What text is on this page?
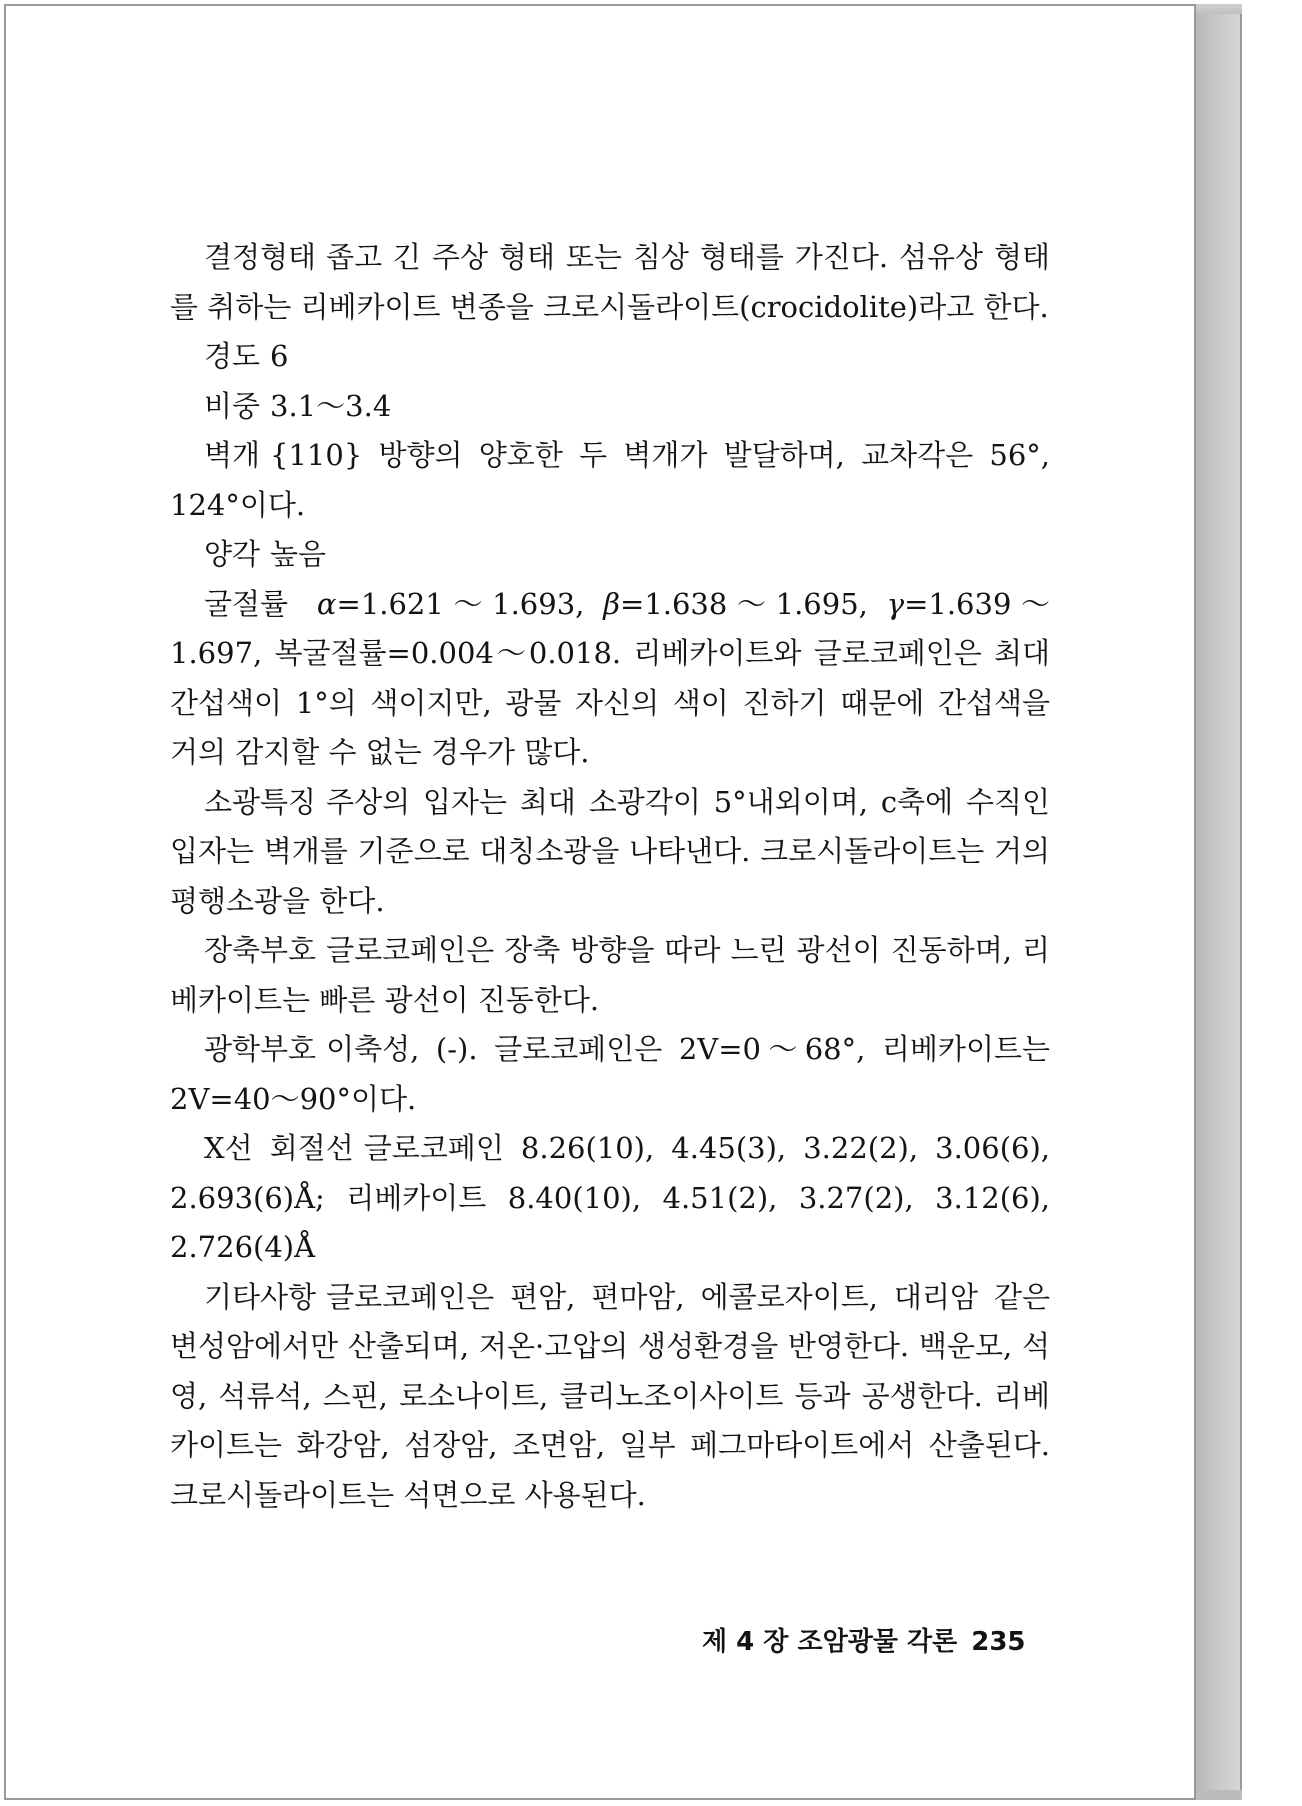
결정형태 좁고 긴 주상 형태 또는 침상 형태를 가진다. 섬유상 형태를 취하는 리베카이트 변종을 크로시돌라이트(crocidolite)라고 한다.

경도 6

비중 3.1～3.4

벽개 {110} 방향의 양호한 두 벽개가 발달하며, 교차각은 56°, 124°이다.

양각 높음

굴절률 α=1.621～1.693, β=1.638～1.695, γ=1.639～1.697, 복굴절률=0.004～0.018. 리베카이트와 글로코페인은 최대 간섭색이 1°의 색이지만, 광물 자신의 색이 진하기 때문에 간섭색을 거의 감지할 수 없는 경우가 많다.

소광특징 주상의 입자는 최대 소광각이 5°내외이며, c축에 수직인 입자는 벽개를 기준으로 대칭소광을 나타낸다. 크로시돌라이트는 거의 평행소광을 한다.

장축부호 글로코페인은 장축 방향을 따라 느린 광선이 진동하며, 리베카이트는 빠른 광선이 진동한다.

광학부호 이축성, (-). 글로코페인은 2V=0～68°, 리베카이트는 2V=40～90°이다.

X선 회절선 글로코페인 8.26(10), 4.45(3), 3.22(2), 3.06(6), 2.693(6)Å; 리베카이트 8.40(10), 4.51(2), 3.27(2), 3.12(6), 2.726(4)Å

기타사항 글로코페인은 편암, 편마암, 에콜로자이트, 대리암 같은 변성암에서만 산출되며, 저온·고압의 생성환경을 반영한다. 백운모, 석영, 석류석, 스핀, 로소나이트, 클리노조이사이트 등과 공생한다. 리베카이트는 화강암, 섬장암, 조면암, 일부 페그마타이트에서 산출된다. 크로시돌라이트는 석면으로 사용된다.

제 4 장 조암광물 각론 235
